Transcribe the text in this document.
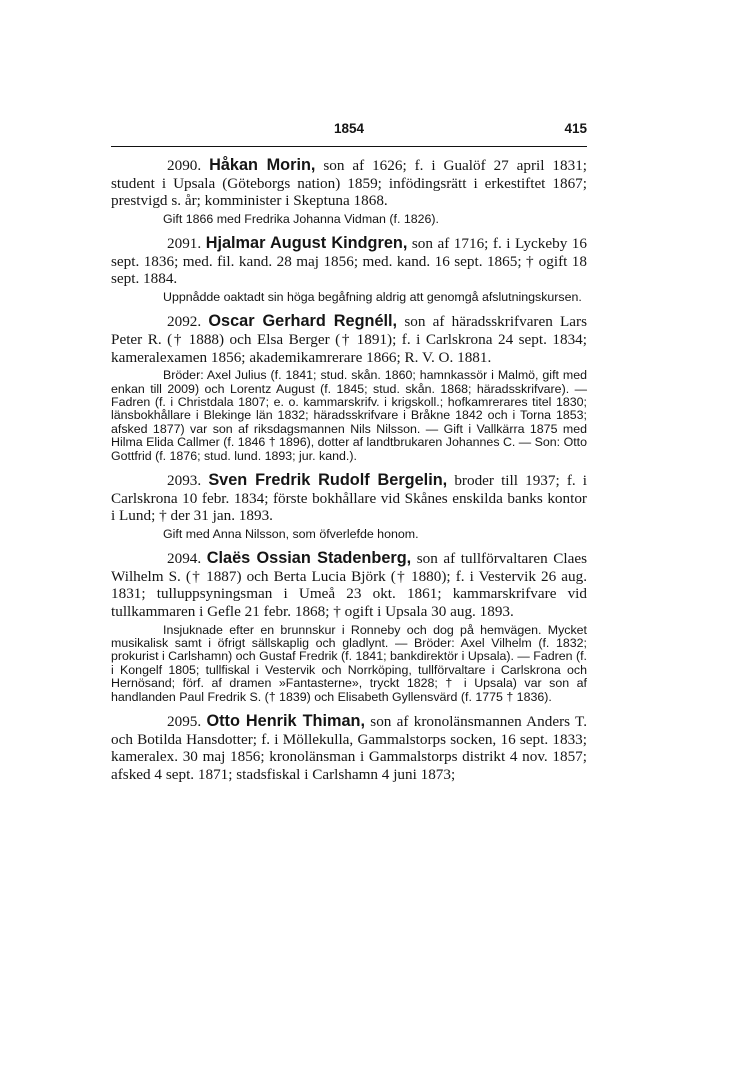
1854	415

2090. Håkan Morin, son af 1626; f. i Gualöf 27 april 1831; student i Upsala (Göteborgs nation) 1859; infödingsrätt i erkestiftet 1867; prestvigd s. år; komminister i Skeptuna 1868.

Gift 1866 med Fredrika Johanna Vidman (f. 1826).

2091. Hjalmar August Kindgren, son af 1716; f. i Lyckeby 16 sept. 1836; med. fil. kand. 28 maj 1856; med. kand. 16 sept. 1865; † ogift 18 sept. 1884.

Uppnådde oaktadt sin höga begåfning aldrig att genomgå afslutningskursen.

2092. Oscar Gerhard Regnéll, son af häradsskrifvaren Lars Peter R. († 1888) och Elsa Berger († 1891); f. i Carlskrona 24 sept. 1834; kameralexamen 1856; akademikamrerare 1866; R. V. O. 1881.

Bröder: Axel Julius (f. 1841; stud. skån. 1860; hamnkassör i Malmö, gift med enkan till 2009) och Lorentz August (f. 1845; stud. skån. 1868; häradsskrifvare). — Fadren (f. i Christdala 1807; e. o. kammarskrifv. i krigskoll.; hofkamrerares titel 1830; länsbokhållare i Blekinge län 1832; häradsskrifvare i Bråkne 1842 och i Torna 1853; afsked 1877) var son af riksdagsmannen Nils Nilsson. — Gift i Vallkärra 1875 med Hilma Elida Callmer (f. 1846 † 1896), dotter af landtbrukaren Johannes C. — Son: Otto Gottfrid (f. 1876; stud. lund. 1893; jur. kand.).

2093. Sven Fredrik Rudolf Bergelin, broder till 1937; f. i Carlskrona 10 febr. 1834; förste bokhållare vid Skånes enskilda banks kontor i Lund; † der 31 jan. 1893.

Gift med Anna Nilsson, som öfverlefde honom.

2094. Claës Ossian Stadenberg, son af tullförvaltaren Claes Wilhelm S. († 1887) och Berta Lucia Björk († 1880); f. i Vestervik 26 aug. 1831; tulluppsyningsman i Umeå 23 okt. 1861; kammarskrifvare vid tullkammaren i Gefle 21 febr. 1868; † ogift i Upsala 30 aug. 1893.

Insjuknade efter en brunnskur i Ronneby och dog på hemvägen. Mycket musikalisk samt i öfrigt sällskaplig och gladlynt. — Bröder: Axel Vilhelm (f. 1832; prokurist i Carlshamn) och Gustaf Fredrik (f. 1841; bankdirektör i Upsala). — Fadren (f. i Kongelf 1805; tullfiskal i Vestervik och Norrköping, tullförvaltare i Carlskrona och Hernösand; förf. af dramen »Fantasterne», tryckt 1828; † i Upsala) var son af handlanden Paul Fredrik S. († 1839) och Elisabeth Gyllensvärd (f. 1775 † 1836).

2095. Otto Henrik Thiman, son af kronolänsmannen Anders T. och Botilda Hansdotter; f. i Möllekulla, Gammalstorps socken, 16 sept. 1833; kameralex. 30 maj 1856; kronolänsman i Gammalstorps distrikt 4 nov. 1857; afsked 4 sept. 1871; stadsfiskal i Carlshamn 4 juni 1873;
